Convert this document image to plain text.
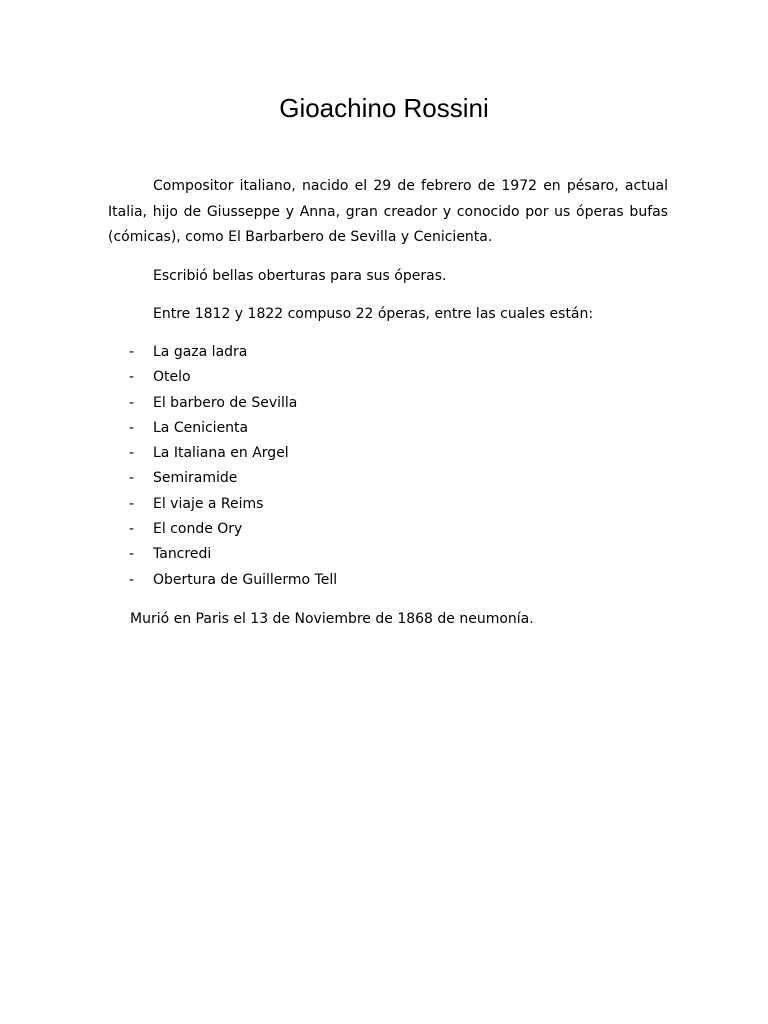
Gioachino Rossini

Compositor italiano, nacido el 29 de febrero de 1972 en pésaro, actual Italia, hijo de Giusseppe y Anna, gran creador y conocido por us óperas bufas (cómicas), como El Barbarbero de Sevilla y Cenicienta.

Escribió bellas oberturas para sus óperas.

Entre 1812 y 1822 compuso 22 óperas, entre las cuales están:

- La gaza ladra
- Otelo
- El barbero de Sevilla
- La Cenicienta
- La Italiana en Argel
- Semiramide
- El viaje a Reims
- El conde Ory
- Tancredi
- Obertura de Guillermo Tell

Murió en Paris el 13 de Noviembre de 1868 de neumonía.
